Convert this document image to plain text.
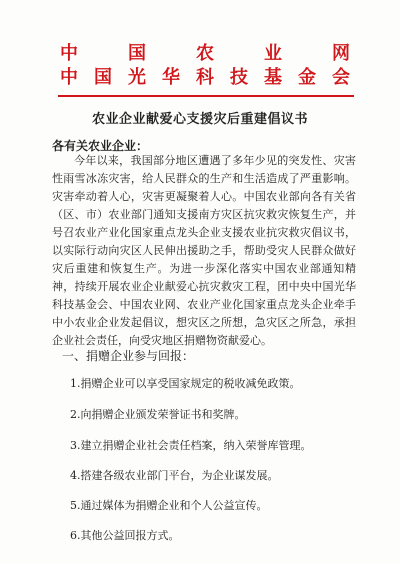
中	国	农	业	网
中 国 光 华 科 技 基 金 会
农业企业献爱心支援灾后重建倡议书
各有关农业企业：

今年以来，我国部分地区遭遇了多年少见的突发性、灾害性雨雪冰冻灾害，给人民群众的生产和生活造成了严重影响。灾害牵动着人心，灾害更凝聚着人心。中国农业部向各有关省（区、市）农业部门通知支援南方灾区抗灾救灾恢复生产，并号召农业产业化国家重点龙头企业支援农业抗灾救灾倡议书，以实际行动向灾区人民伸出援助之手，帮助受灾人民群众做好灾后重建和恢复生产。为进一步深化落实中国农业部通知精神，持续开展农业企业献爱心抗灾救灾工程，团中央中国光华科技基金会、中国农业网、农业产业化国家重点龙头企业牵手中小农业企业发起倡议，想灾区之所想，急灾区之所急，承担企业社会责任，向受灾地区捐赠物资献爱心。

一、捐赠企业参与回报：
1.捐赠企业可以享受国家规定的税收减免政策。
2.向捐赠企业颁发荣誉证书和奖牌。
3.建立捐赠企业社会责任档案，纳入荣誉库管理。
4.搭建各级农业部门平台，为企业谋发展。
5.通过媒体为捐赠企业和个人公益宣传。
6.其他公益回报方式。
